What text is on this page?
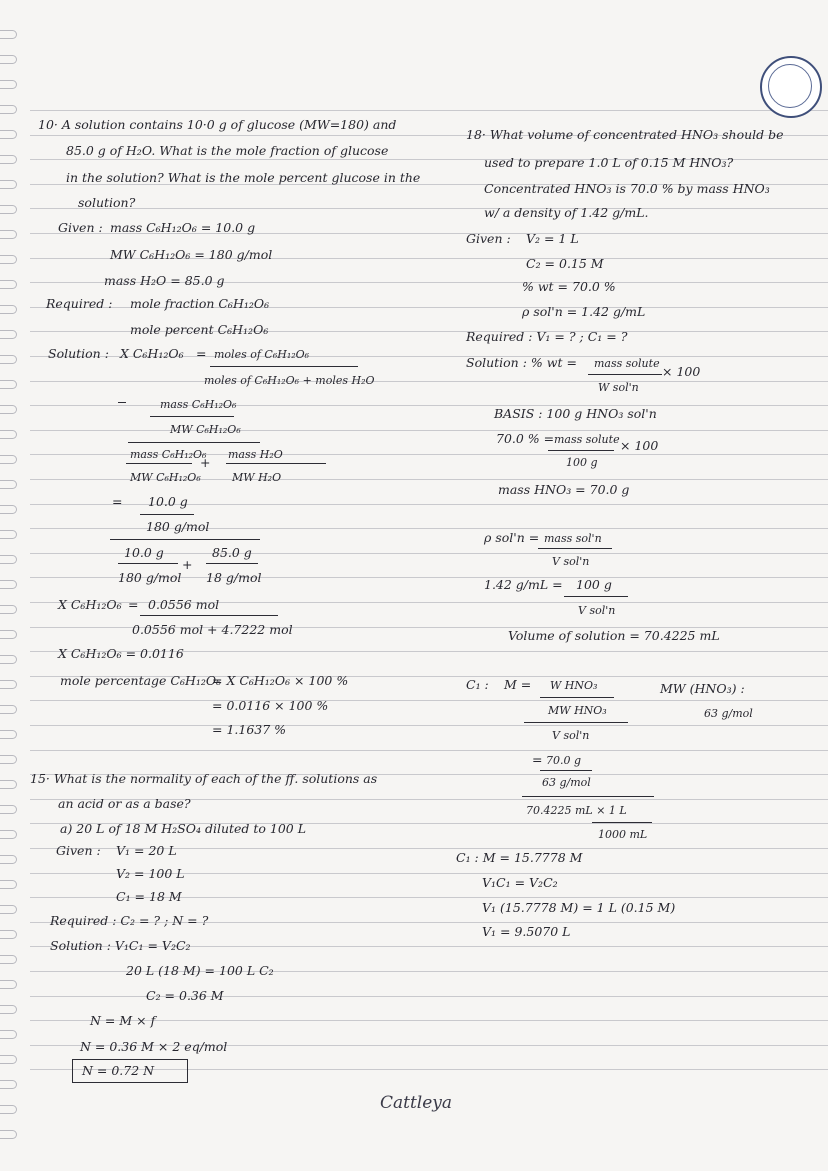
10· A solution contains 10·0 g of glucose (MW=180) and
85.0 g of H₂O. What is the mole fraction of glucose
in the solution? What is the mole percent glucose in the
solution?
Given : mass C₆H₁₂O₆ = 10.0 g
MW C₆H₁₂O₆ = 180 g/mol
mass H₂O = 85.0 g
Required : mole fraction C₆H₁₂O₆
mole percent C₆H₁₂O₆
Solution : X C₆H₁₂O₆ = moles of C₆H₁₂O₆
moles of C₆H₁₂O₆ + moles H₂O
mass C₆H₁₂O₆
MW C₆H₁₂O₆
mass C₆H₁₂O₆
MW C₆H₁₂O₆
+
mass H₂O
MW H₂O
= 10.0 g
180 g/mol
10.0 g
180 g/mol
+
85.0 g
18 g/mol
X C₆H₁₂O₆ = 0.0556 mol
0.0556 mol + 4.7222 mol
X C₆H₁₂O₆ = 0.0116
mole percentage C₆H₁₂O₆
= X C₆H₁₂O₆ × 100 %
= 0.0116 × 100 %
= 1.1637 %
15· What is the normality of each of the ff. solutions as
an acid or as a base?
a) 20 L of 18 M H₂SO₄ diluted to 100 L
Given : V₁ = 20 L
V₂ = 100 L
C₁ = 18 M
Required : C₂ = ? ; N = ?
Solution : V₁C₁ = V₂C₂
20 L (18 M) = 100 L C₂
C₂ = 0.36 M
N = M × f
N = 0.36 M × 2 eq/mol
N = 0.72 N
18· What volume of concentrated HNO₃ should be
used to prepare 1.0 L of 0.15 M HNO₃?
Concentrated HNO₃ is 70.0 % by mass HNO₃
w/ a density of 1.42 g/mL.
Given : V₂ = 1 L
C₂ = 0.15 M
% wt = 70.0 %
ρ sol'n = 1.42 g/mL
Required : V₁ = ? ; C₁ = ?
Solution : % wt = mass solute
W sol'n
× 100
BASIS : 100 g HNO₃ sol'n
70.0 % = mass solute
100 g
× 100
mass HNO₃ = 70.0 g
ρ sol'n = mass sol'n
V sol'n
1.42 g/mL = 100 g
V sol'n
Volume of solution = 70.4225 mL
C₁ : M = W HNO₃
MW HNO₃
V sol'n
MW (HNO₃) :
63 g/mol
= 70.0 g
63 g/mol
70.4225 mL × 1 L
1000 mL
C₁ : M = 15.7778 M
V₁C₁ = V₂C₂
V₁ (15.7778 M) = 1 L (0.15 M)
V₁ = 9.5070 L
Cattleya
